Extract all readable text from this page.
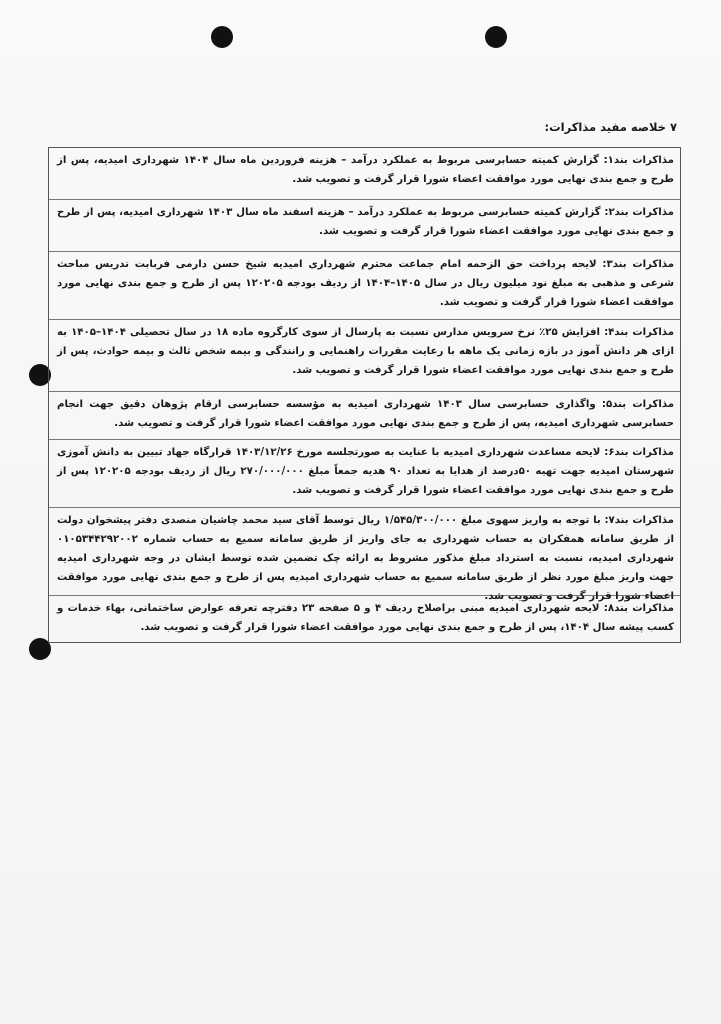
۷ خلاصه مفید مذاکرات:
مذاکرات بند۱: گزارش کمیته حسابرسی مربوط به عملکرد درآمد – هزینه فروردین ماه سال ۱۴۰۴ شهرداری امیدیه، پس از طرح و جمع بندی نهایی مورد موافقت اعضاء شورا قرار گرفت و تصویب شد.
مذاکرات بند۲: گزارش کمیته حسابرسی مربوط به عملکرد درآمد – هزینه اسفند ماه سال ۱۴۰۳ شهرداری امیدیه، پس از طرح و جمع بندی نهایی مورد موافقت اعضاء شورا قرار گرفت و تصویب شد.
مذاکرات بند۳: لایحه پرداخت حق الزحمه امام جماعت محترم شهرداری امیدیه شیخ حسن دارمی فربابت تدریس مباحث شرعی و مذهبی به مبلغ نود میلیون ریال در سال ۱۴۰۵–۱۴۰۴ از ردیف بودجه ۱۲۰۲۰۵ پس از طرح و جمع بندی نهایی مورد موافقت اعضاء شورا قرار گرفت و تصویب شد.
مذاکرات بند۴: افزایش ۲۵٪ نرخ سرویس مدارس نسبت به پارسال از سوی کارگروه ماده ۱۸ در سال تحصیلی ۱۴۰۴–۱۴۰۵ به ازای هر دانش آموز در بازه زمانی یک ماهه با رعایت مقررات راهنمایی و رانندگی و بیمه شخص ثالث و بیمه حوادث، پس از طرح و جمع بندی نهایی مورد موافقت اعضاء شورا قرار گرفت و تصویب شد.
مذاکرات بند۵: واگذاری حسابرسی سال ۱۴۰۳ شهرداری امیدیه به مؤسسه حسابرسی ارقام پژوهان دقیق جهت انجام حسابرسی شهرداری امیدیه، پس از طرح و جمع بندی نهایی مورد موافقت اعضاء شورا قرار گرفت و تصویب شد.
مذاکرات بند۶: لایحه مساعدت شهرداری امیدیه با عنایت به صورتجلسه مورخ ۱۴۰۳/۱۲/۲۶ قرارگاه جهاد تبیین به دانش آموزی شهرستان امیدیه جهت تهیه ۵۰درصد از هدایا به تعداد ۹۰ هدیه جمعاً مبلغ ۲۷۰/۰۰۰/۰۰۰ ریال از ردیف بودجه ۱۲۰۲۰۵ پس از طرح و جمع بندی نهایی مورد موافقت اعضاء شورا قرار گرفت و تصویب شد.
مذاکرات بند۷: با توجه به واریز سهوی مبلغ ۱/۵۴۵/۳۰۰/۰۰۰ ریال توسط آقای سید محمد چاشیان منصدی دفتر پیشخوان دولت از طریق سامانه همفکران به حساب شهرداری به جای واریز از طریق سامانه سمیع به حساب شماره ۰۱۰۵۳۴۴۲۹۲۰۰۲ شهرداری امیدیه، نسبت به استرداد مبلغ مذکور مشروط به ارائه چک تضمین شده توسط ایشان در وجه شهرداری امیدیه جهت واریز مبلغ مورد نظر از طریق سامانه سمیع به حساب شهرداری امیدیه پس از طرح و جمع بندی نهایی مورد موافقت اعضاء شورا قرار گرفت و تصویب شد.
مذاکرات بند۸: لایحه شهرداری امیدیه مبنی براصلاح ردیف ۴ و ۵ صفحه ۲۳ دفترچه تعرفه عوارض ساختمانی، بهاء خدمات و کسب پیشه سال ۱۴۰۴، پس از طرح و جمع بندی نهایی مورد موافقت اعضاء شورا قرار گرفت و تصویب شد.
